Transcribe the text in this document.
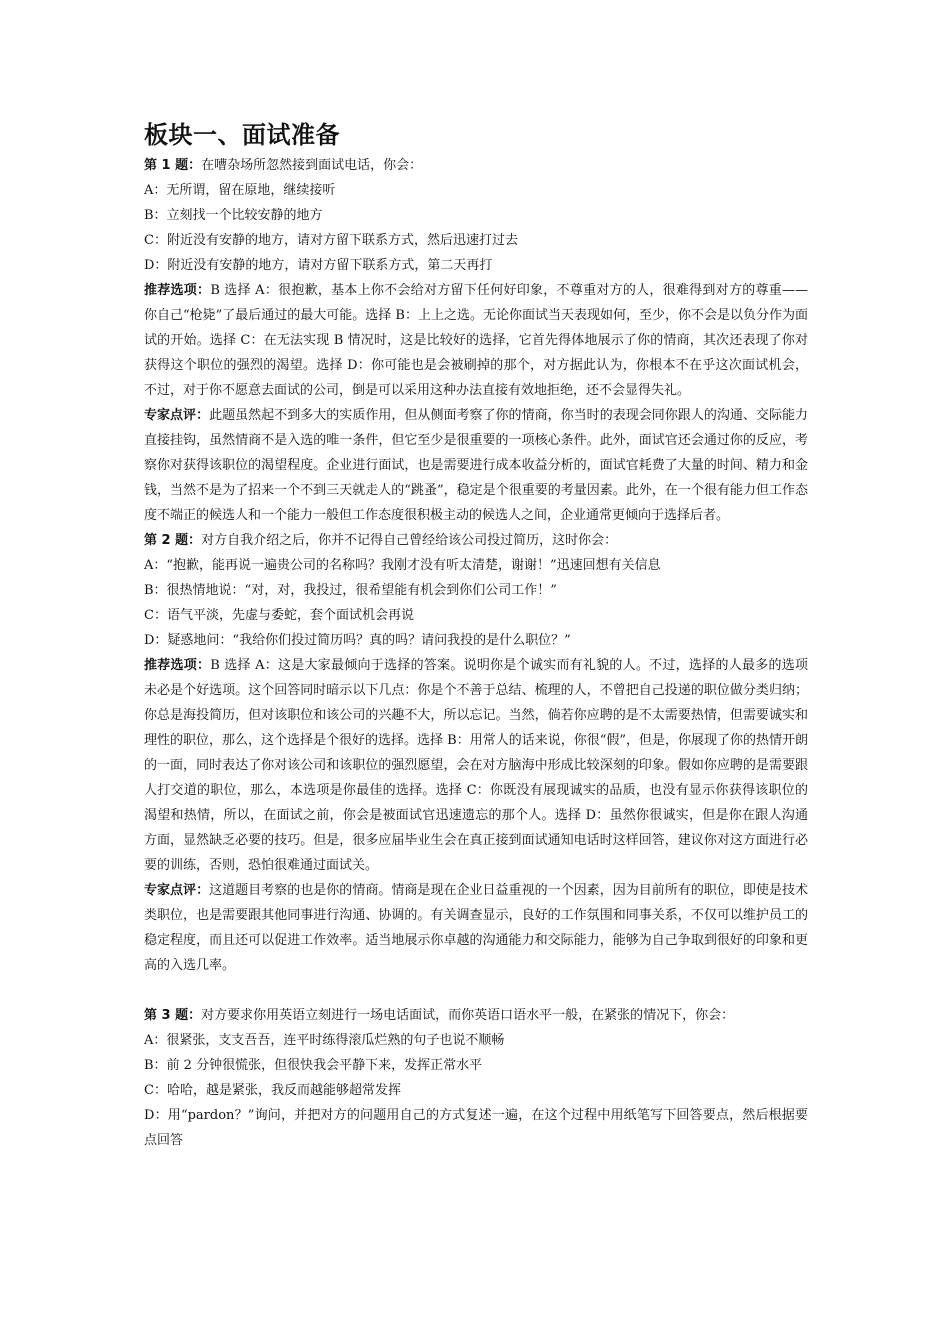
板块一、面试准备

第 1 题：在嘈杂场所忽然接到面试电话，你会：

A：无所谓，留在原地，继续接听

B：立刻找一个比较安静的地方

C：附近没有安静的地方，请对方留下联系方式，然后迅速打过去

D：附近没有安静的地方，请对方留下联系方式，第二天再打

推荐选项：B 选择 A：很抱歉，基本上你不会给对方留下任何好印象，不尊重对方的人，很难得到对方的尊重——你自己“枪毙”了最后通过的最大可能。选择 B：上上之选。无论你面试当天表现如何，至少，你不会是以负分作为面试的开始。选择 C：在无法实现 B 情况时，这是比较好的选择，它首先得体地展示了你的情商，其次还表现了你对获得这个职位的强烈的渴望。选择 D：你可能也是会被刷掉的那个，对方据此认为，你根本不在乎这次面试机会，不过，对于你不愿意去面试的公司，倒是可以采用这种办法直接有效地拒绝，还不会显得失礼。

专家点评：此题虽然起不到多大的实质作用，但从侧面考察了你的情商，你当时的表现会同你跟人的沟通、交际能力直接挂钩，虽然情商不是入选的唯一条件，但它至少是很重要的一项核心条件。此外，面试官还会通过你的反应，考察你对获得该职位的渴望程度。企业进行面试，也是需要进行成本收益分析的，面试官耗费了大量的时间、精力和金钱，当然不是为了招来一个不到三天就走人的“跳蚤”，稳定是个很重要的考量因素。此外，在一个很有能力但工作态度不端正的候选人和一个能力一般但工作态度很积极主动的候选人之间，企业通常更倾向于选择后者。

第 2 题：对方自我介绍之后，你并不记得自己曾经给该公司投过简历，这时你会：

A：“抱歉，能再说一遍贵公司的名称吗？我刚才没有听太清楚，谢谢！”迅速回想有关信息

B：很热情地说：“对，对，我投过，很希望能有机会到你们公司工作！”

C：语气平淡，先虚与委蛇，套个面试机会再说

D：疑惑地问：“我给你们投过简历吗？真的吗？请问我投的是什么职位？”

推荐选项：B 选择 A：这是大家最倾向于选择的答案。说明你是个诚实而有礼貌的人。不过，选择的人最多的选项未必是个好选项。这个回答同时暗示以下几点：你是个不善于总结、梳理的人，不曾把自己投递的职位做分类归纳；你总是海投简历，但对该职位和该公司的兴趣不大，所以忘记。当然，倘若你应聘的是不太需要热情，但需要诚实和理性的职位，那么，这个选择是个很好的选择。选择 B：用常人的话来说，你很“假”，但是，你展现了你的热情开朗的一面，同时表达了你对该公司和该职位的强烈愿望，会在对方脑海中形成比较深刻的印象。假如你应聘的是需要跟人打交道的职位，那么，本选项是你最佳的选择。选择 C：你既没有展现诚实的品质，也没有显示你获得该职位的渴望和热情，所以，在面试之前，你会是被面试官迅速遗忘的那个人。选择 D：虽然你很诚实，但是你在跟人沟通方面，显然缺乏必要的技巧。但是，很多应届毕业生会在真正接到面试通知电话时这样回答，建议你对这方面进行必要的训练，否则，恐怕很难通过面试关。

专家点评：这道题目考察的也是你的情商。情商是现在企业日益重视的一个因素，因为目前所有的职位，即使是技术类职位，也是需要跟其他同事进行沟通、协调的。有关调查显示，良好的工作氛围和同事关系，不仅可以维护员工的稳定程度，而且还可以促进工作效率。适当地展示你卓越的沟通能力和交际能力，能够为自己争取到很好的印象和更高的入选几率。

第 3 题：对方要求你用英语立刻进行一场电话面试，而你英语口语水平一般，在紧张的情况下，你会：

A：很紧张，支支吾吾，连平时练得滚瓜烂熟的句子也说不顺畅

B：前 2 分钟很慌张，但很快我会平静下来，发挥正常水平

C：哈哈，越是紧张，我反而越能够超常发挥

D：用“pardon？”询问，并把对方的问题用自己的方式复述一遍，在这个过程中用纸笔写下回答要点，然后根据要点回答
